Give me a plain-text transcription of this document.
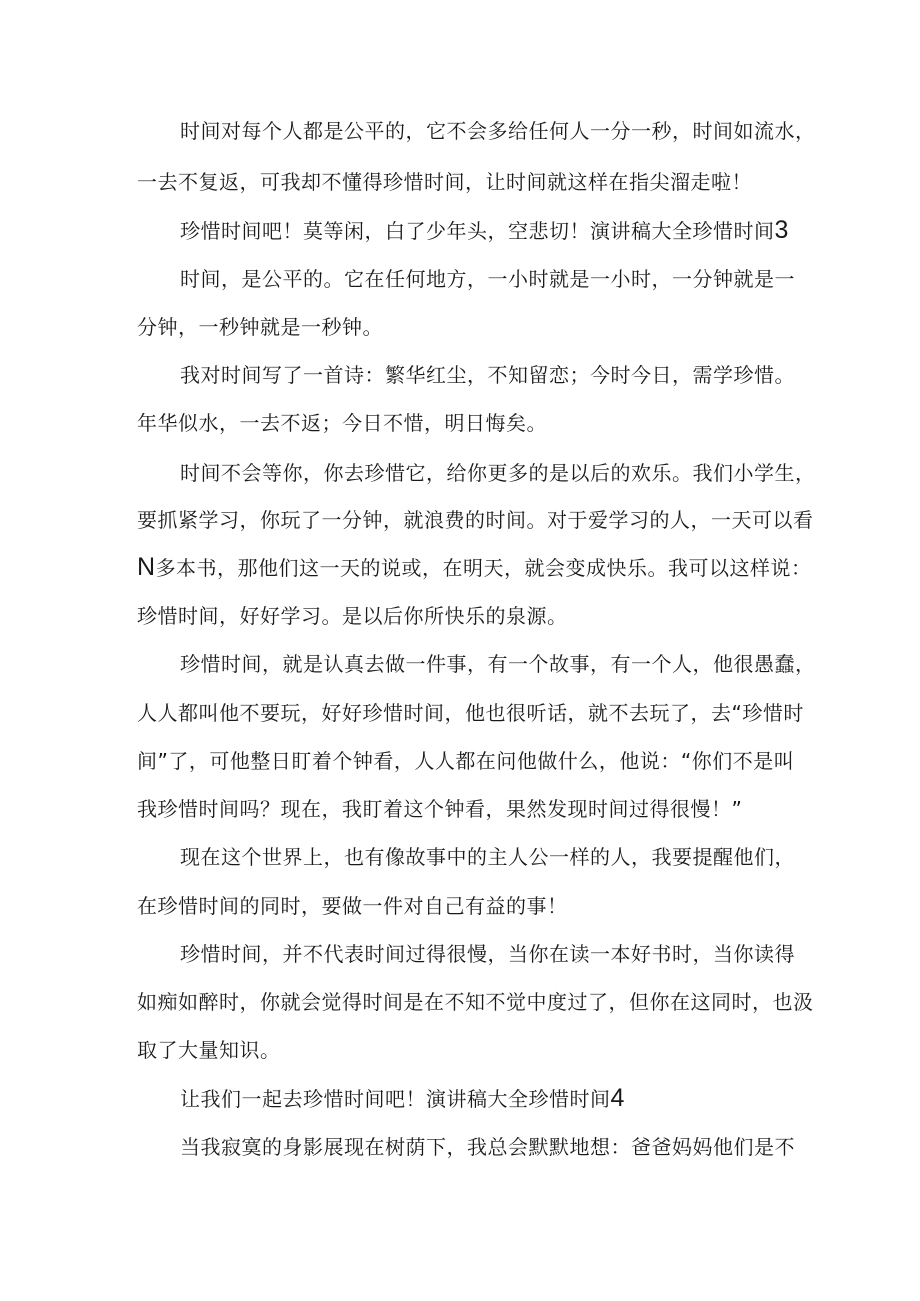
时间对每个人都是公平的，它不会多给任何人一分一秒，时间如流水，
一去不复返，可我却不懂得珍惜时间，让时间就这样在指尖溜走啦！
珍惜时间吧！莫等闲，白了少年头，空悲切！演讲稿大全珍惜时间3
时间，是公平的。它在任何地方，一小时就是一小时，一分钟就是一
分钟，一秒钟就是一秒钟。
我对时间写了一首诗：繁华红尘，不知留恋；今时今日，需学珍惜。
年华似水，一去不返；今日不惜，明日悔矣。
时间不会等你，你去珍惜它，给你更多的是以后的欢乐。我们小学生，
要抓紧学习，你玩了一分钟，就浪费的时间。对于爱学习的人，一天可以看
N多本书，那他们这一天的说或，在明天，就会变成快乐。我可以这样说：
珍惜时间，好好学习。是以后你所快乐的泉源。
珍惜时间，就是认真去做一件事，有一个故事，有一个人，他很愚蠢，
人人都叫他不要玩，好好珍惜时间，他也很听话，就不去玩了，去“珍惜时
间”了，可他整日盯着个钟看，人人都在问他做什么，他说：“你们不是叫
我珍惜时间吗？现在，我盯着这个钟看，果然发现时间过得很慢！”
现在这个世界上，也有像故事中的主人公一样的人，我要提醒他们，
在珍惜时间的同时，要做一件对自己有益的事！
珍惜时间，并不代表时间过得很慢，当你在读一本好书时，当你读得
如痴如醉时，你就会觉得时间是在不知不觉中度过了，但你在这同时，也汲
取了大量知识。
让我们一起去珍惜时间吧！演讲稿大全珍惜时间4
当我寂寞的身影展现在树荫下，我总会默默地想：爸爸妈妈他们是不
